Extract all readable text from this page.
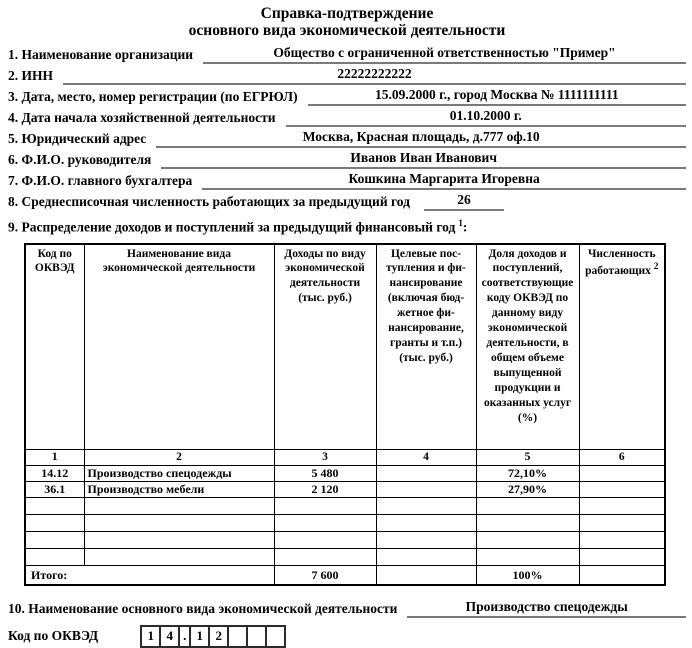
Справка-подтверждение
основного вида экономической деятельности
1. Наименование организации	Общество с ограниченной ответственностью "Пример"
2. ИНН	22222222222
3. Дата, место, номер регистрации (по ЕГРЮЛ)	15.09.2000 г., город Москва № 1111111111
4. Дата начала хозяйственной деятельности	01.10.2000 г.
5. Юридический адрес	Москва, Красная площадь, д.777 оф.10
6. Ф.И.О. руководителя	Иванов Иван Иванович
7. Ф.И.О. главного бухгалтера	Кошкина Маргарита Игоревна
8. Среднесписочная численность работающих за предыдущий год	26
9. Распределение доходов и поступлений за предыдущий финансовый год $^1$:
Код по ОКВЭД	Наименование вида экономической деятельности	Доходы по виду экономической деятельности (тыс. руб.)	Целевые пос-тупления и фи-нансирование (включая бюд-жетное фи-нансирование, гранты и т.п.) (тыс. руб.)	Доля доходов и поступлений, соответствующие коду ОКВЭД по данному виду экономической деятельности, в общем объеме выпущенной продукции и оказанных услуг (%)	Численность работающих $^2$
1	2	3	4	5	6
14.12	Производство спецодежды	5 480		72,10%	
36.1	Производство мебели	2 120		27,90%	

Итого:		7 600		100%	
10. Наименование основного вида экономической деятельности	Производство спецодежды
Код по ОКВЭД	1 4 . 1 2
